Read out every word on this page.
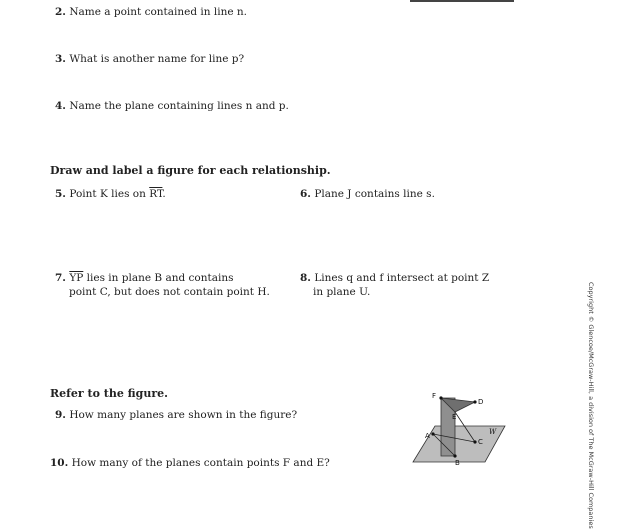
2. Name a point contained in line n.
3. What is another name for line p?
4. Name the plane containing lines n and p.
Draw and label a figure for each relationship.
5. Point K lies on $\overline{RT}$.	6. Plane J contains line s.
7. $\overline{YP}$ lies in plane B and contains
point C, but does not contain point H.
8. Lines q and f intersect at point Z
in plane U.
Refer to the figure.
9. How many planes are shown in the figure?
10. How many of the planes contain points F and E?
F
D
E
W
A
C
B	Copyright © Glencoe/McGraw-Hill, a division of The McGraw-Hill Companies
